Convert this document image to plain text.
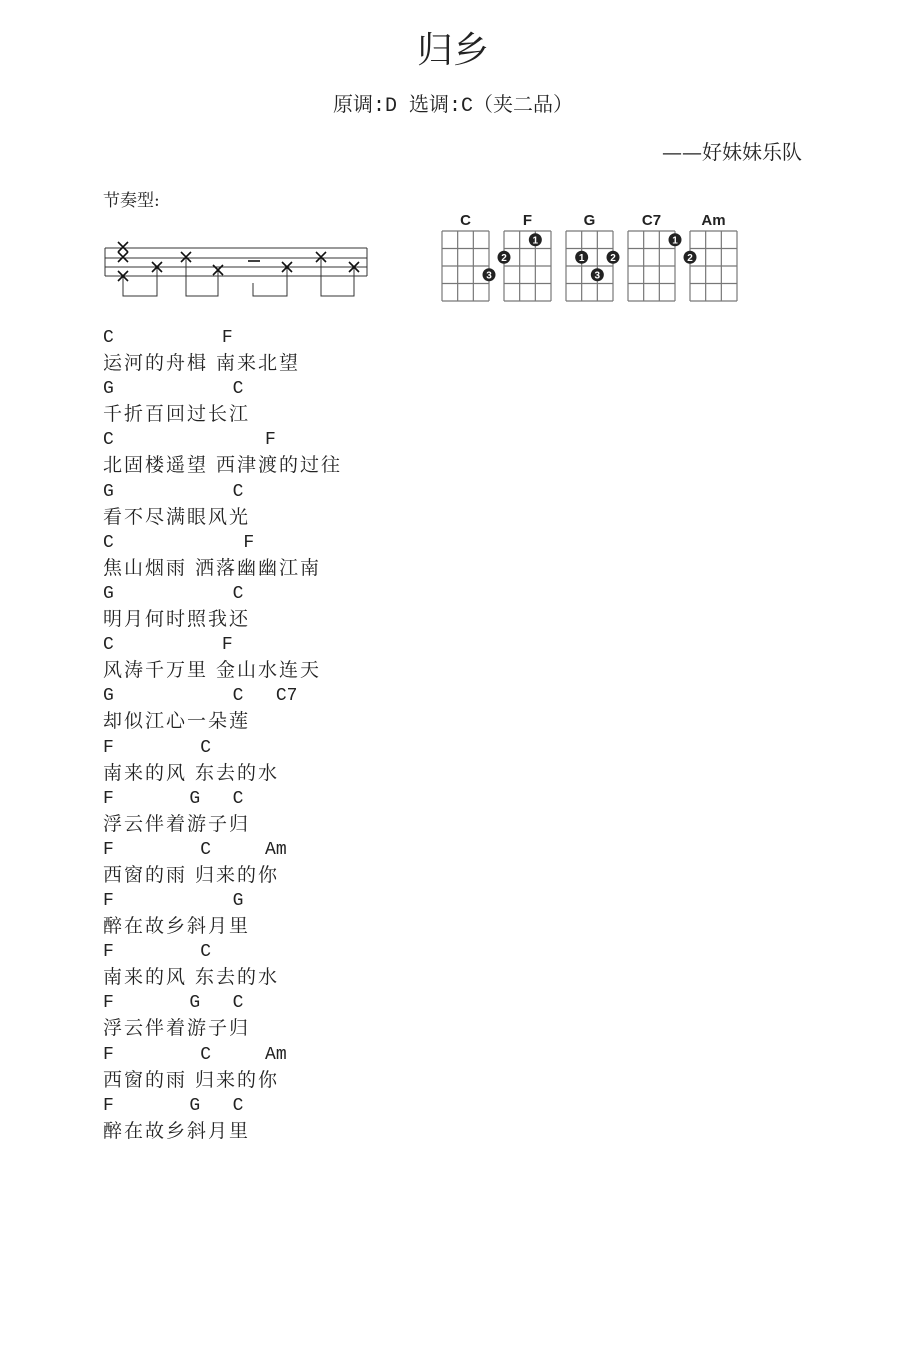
归乡
原调:D 选调:C（夹二品）
——好妹妹乐队
节奏型:
C
3
F
1
2
G
1	2
3
C7
1
Am
2
C          F
运河的舟楫 南来北望
G           C
千折百回过长江
C              F
北固楼遥望 西津渡的过往
G           C
看不尽满眼风光
C            F
焦山烟雨 洒落幽幽江南
G           C
明月何时照我还
C          F
风涛千万里 金山水连天
G           C   C7
却似江心一朵莲
F        C
南来的风 东去的水
F       G   C
浮云伴着游子归
F        C     Am
西窗的雨 归来的你
F           G
醉在故乡斜月里
F        C
南来的风 东去的水
F       G   C
浮云伴着游子归
F        C     Am
西窗的雨 归来的你
F       G   C
醉在故乡斜月里
